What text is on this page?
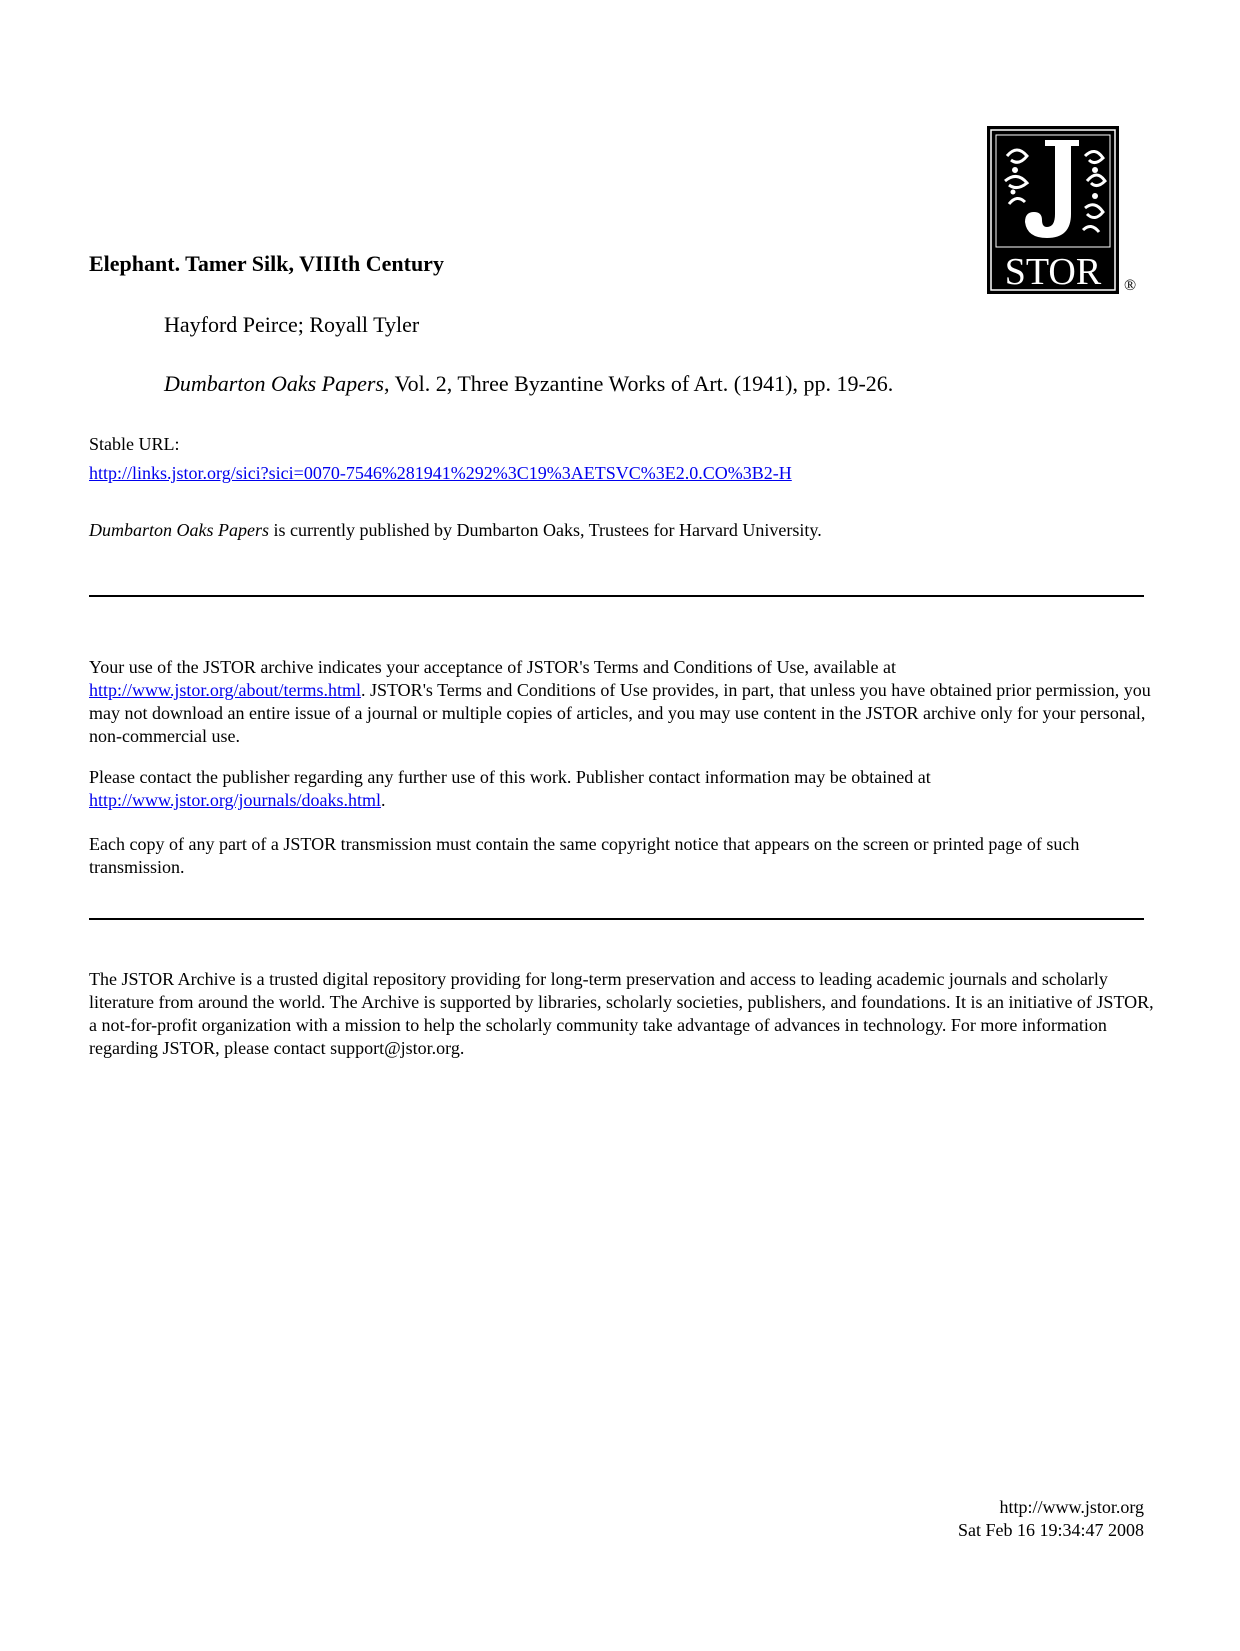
Elephant. Tamer Silk, VIIIth Century	STOR ®
Hayford Peirce; Royall Tyler
Dumbarton Oaks Papers, Vol. 2, Three Byzantine Works of Art. (1941), pp. 19-26.
Stable URL:
http://links.jstor.org/sici?sici=0070-7546%281941%292%3C19%3AETSVC%3E2.0.CO%3B2-H
Dumbarton Oaks Papers is currently published by Dumbarton Oaks, Trustees for Harvard University.
Your use of the JSTOR archive indicates your acceptance of JSTOR's Terms and Conditions of Use, available at http://www.jstor.org/about/terms.html. JSTOR's Terms and Conditions of Use provides, in part, that unless you have obtained prior permission, you may not download an entire issue of a journal or multiple copies of articles, and you may use content in the JSTOR archive only for your personal, non-commercial use.
Please contact the publisher regarding any further use of this work. Publisher contact information may be obtained at http://www.jstor.org/journals/doaks.html.
Each copy of any part of a JSTOR transmission must contain the same copyright notice that appears on the screen or printed page of such transmission.
The JSTOR Archive is a trusted digital repository providing for long-term preservation and access to leading academic journals and scholarly literature from around the world. The Archive is supported by libraries, scholarly societies, publishers, and foundations. It is an initiative of JSTOR, a not-for-profit organization with a mission to help the scholarly community take advantage of advances in technology. For more information regarding JSTOR, please contact support@jstor.org.
http://www.jstor.org
Sat Feb 16 19:34:47 2008
